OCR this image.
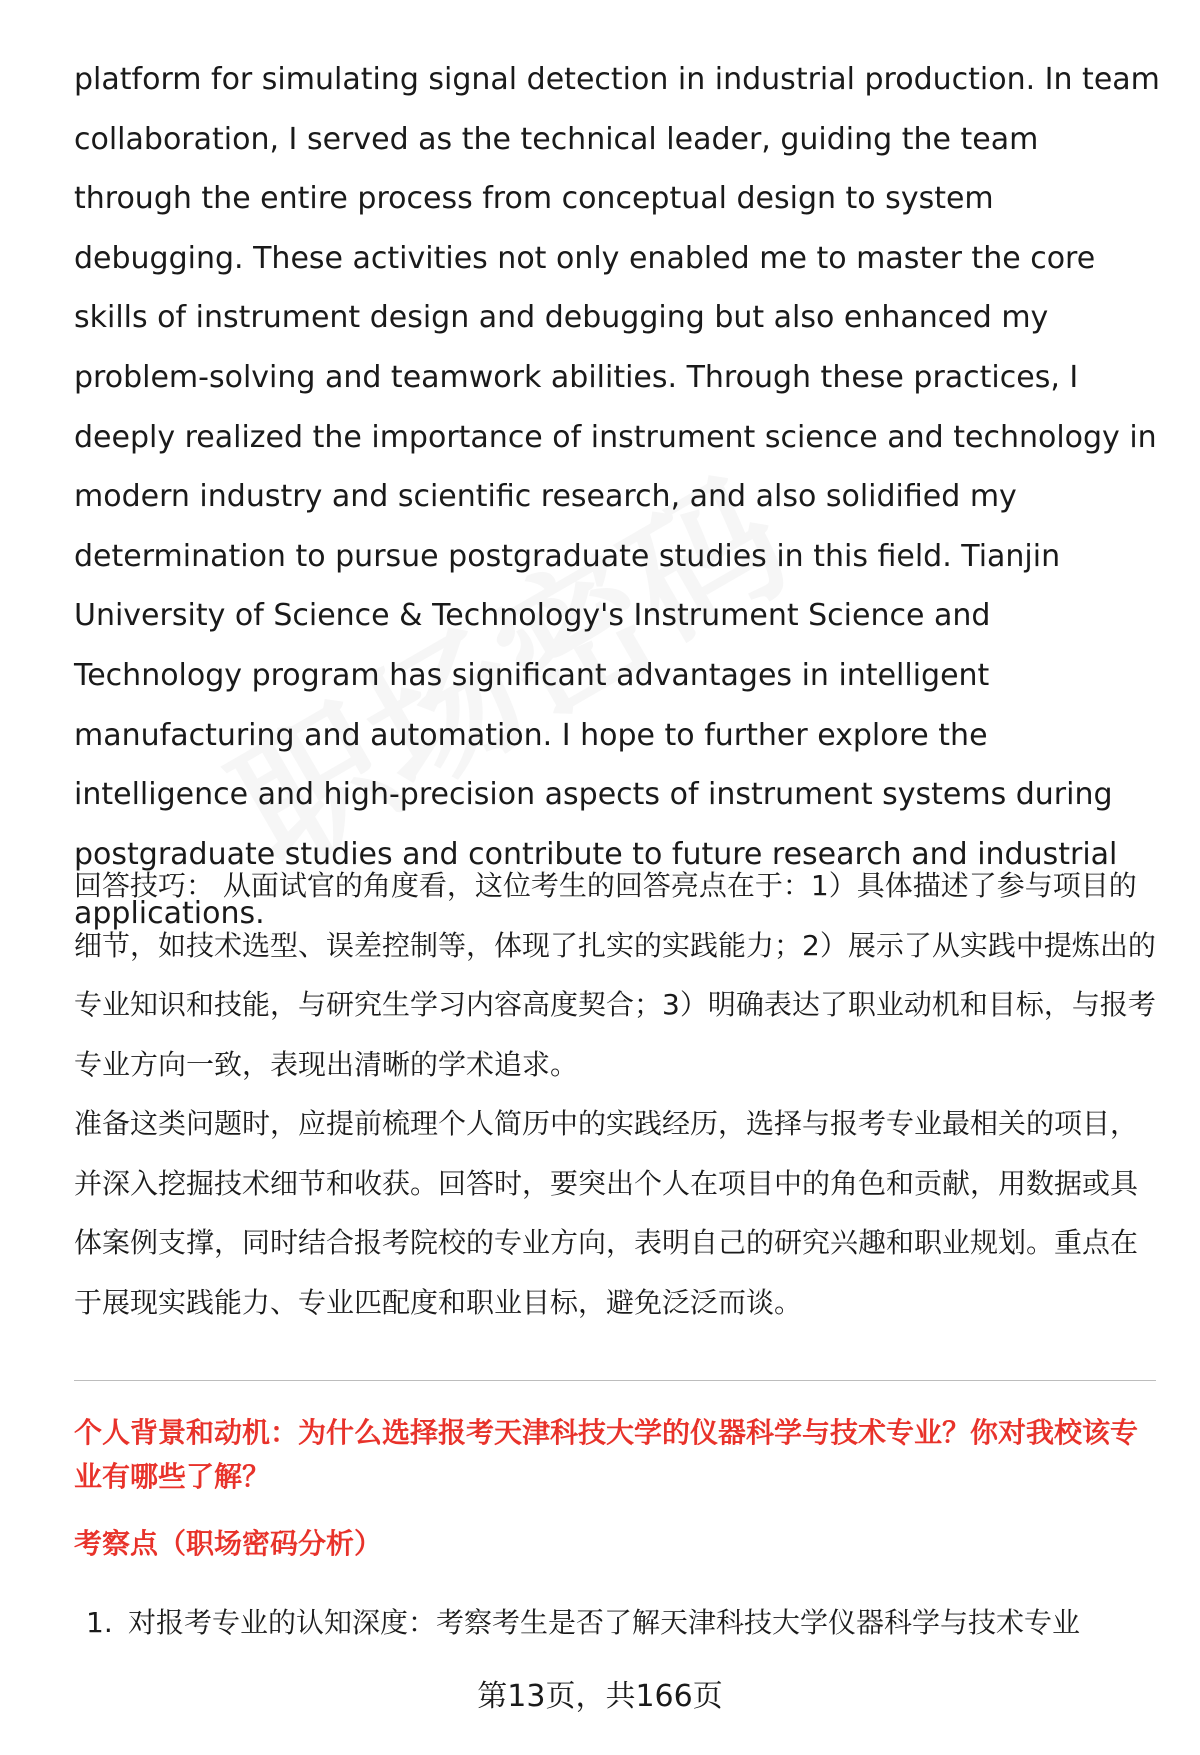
platform for simulating signal detection in industrial production. In team collaboration, I served as the technical leader, guiding the team through the entire process from conceptual design to system debugging. These activities not only enabled me to master the core skills of instrument design and debugging but also enhanced my problem-solving and teamwork abilities. Through these practices, I deeply realized the importance of instrument science and technology in modern industry and scientific research, and also solidified my determination to pursue postgraduate studies in this field. Tianjin University of Science & Technology's Instrument Science and Technology program has significant advantages in intelligent manufacturing and automation. I hope to further explore the intelligence and high-precision aspects of instrument systems during postgraduate studies and contribute to future research and industrial applications.

回答技巧： 从面试官的角度看，这位考生的回答亮点在于：1）具体描述了参与项目的细节，如技术选型、误差控制等，体现了扎实的实践能力；2）展示了从实践中提炼出的专业知识和技能，与研究生学习内容高度契合；3）明确表达了职业动机和目标，与报考专业方向一致，表现出清晰的学术追求。

准备这类问题时，应提前梳理个人简历中的实践经历，选择与报考专业最相关的项目，并深入挖掘技术细节和收获。回答时，要突出个人在项目中的角色和贡献，用数据或具体案例支撑，同时结合报考院校的专业方向，表明自己的研究兴趣和职业规划。重点在于展现实践能力、专业匹配度和职业目标，避免泛泛而谈。

个人背景和动机：为什么选择报考天津科技大学的仪器科学与技术专业？你对我校该专业有哪些了解？

考察点（职场密码分析）

1. 对报考专业的认知深度：考察考生是否了解天津科技大学仪器科学与技术专业

第13页，共166页
